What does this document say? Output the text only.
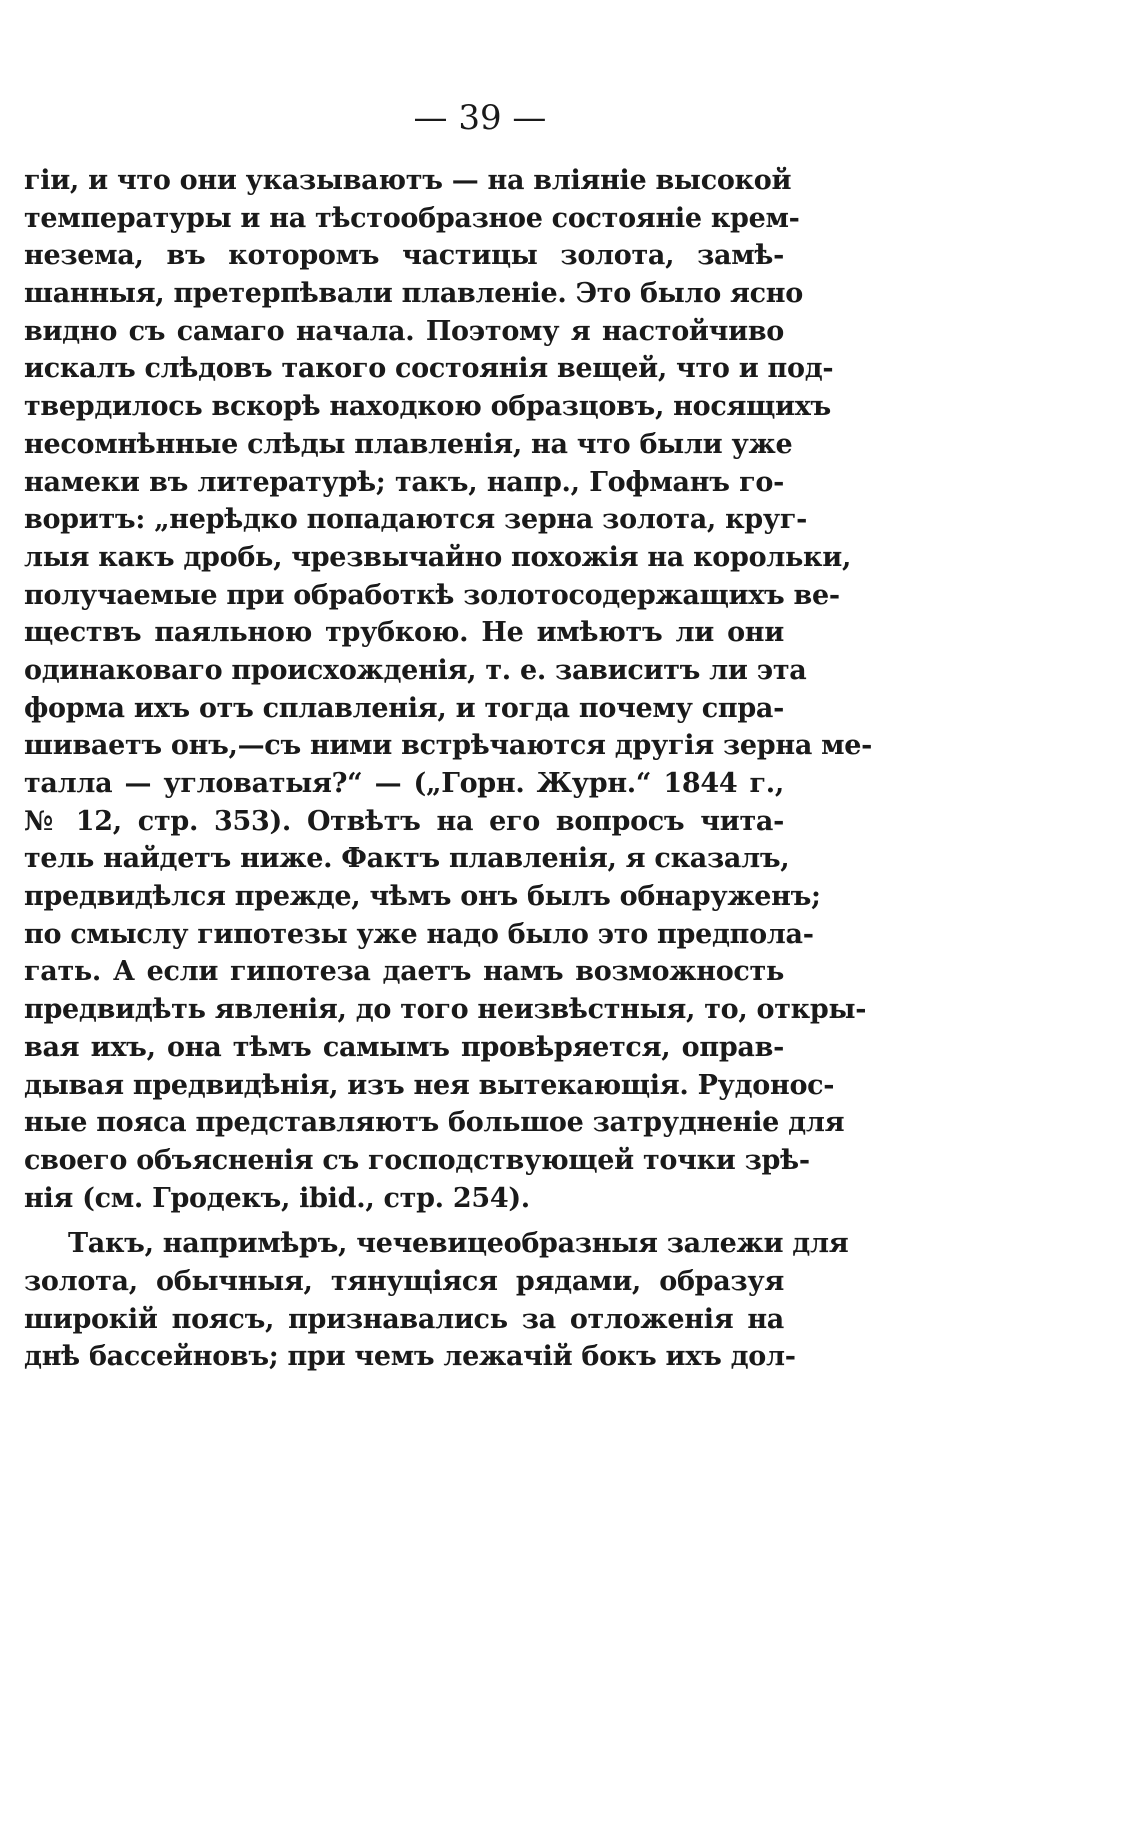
— 39 —
гіи, и что они указываютъ — на вліяніе высокой
температуры и на тѣстообразное состояніе крем-
незема, въ которомъ частицы золота, замѣ-
шанныя, претерпѣвали плавленіе. Это было ясно
видно съ самаго начала. Поэтому я настойчиво
искалъ слѣдовъ такого состоянія вещей, что и под-
твердилось вскорѣ находкою образцовъ, носящихъ
несомнѣнные слѣды плавленія, на что были уже
намеки въ литературѣ; такъ, напр., Гофманъ го-
воритъ: „нерѣдко попадаются зерна золота, круг-
лыя какъ дробь, чрезвычайно похожія на корольки,
получаемые при обработкѣ золотосодержащихъ ве-
ществъ паяльною трубкою. Не имѣютъ ли они
одинаковаго происхожденія, т. е. зависитъ ли эта
форма ихъ отъ сплавленія, и тогда почему спра-
шиваетъ онъ,—съ ними встрѣчаются другія зерна ме-
талла — угловатыя?“ — („Горн. Журн.“ 1844 г.,
№ 12, стр. 353). Отвѣтъ на его вопросъ чита-
тель найдетъ ниже. Фактъ плавленія, я сказалъ,
предвидѣлся прежде, чѣмъ онъ былъ обнаруженъ;
по смыслу гипотезы уже надо было это предпола-
гать. А если гипотеза даетъ намъ возможность
предвидѣть явленія, до того неизвѣстныя, то, откры-
вая ихъ, она тѣмъ самымъ провѣряется, оправ-
дывая предвидѣнія, изъ нея вытекающія. Рудонос-
ные пояса представляютъ большое затрудненіе для
своего объясненія съ господствующей точки зрѣ-
нія (см. Гродекъ, ibid., стр. 254).
Такъ, напримѣръ, чечевицеобразныя залежи для
золота, обычныя, тянущіяся рядами, образуя
широкій поясъ, признавались за отложенія на
днѣ бассейновъ; при чемъ лежачій бокъ ихъ дол-
